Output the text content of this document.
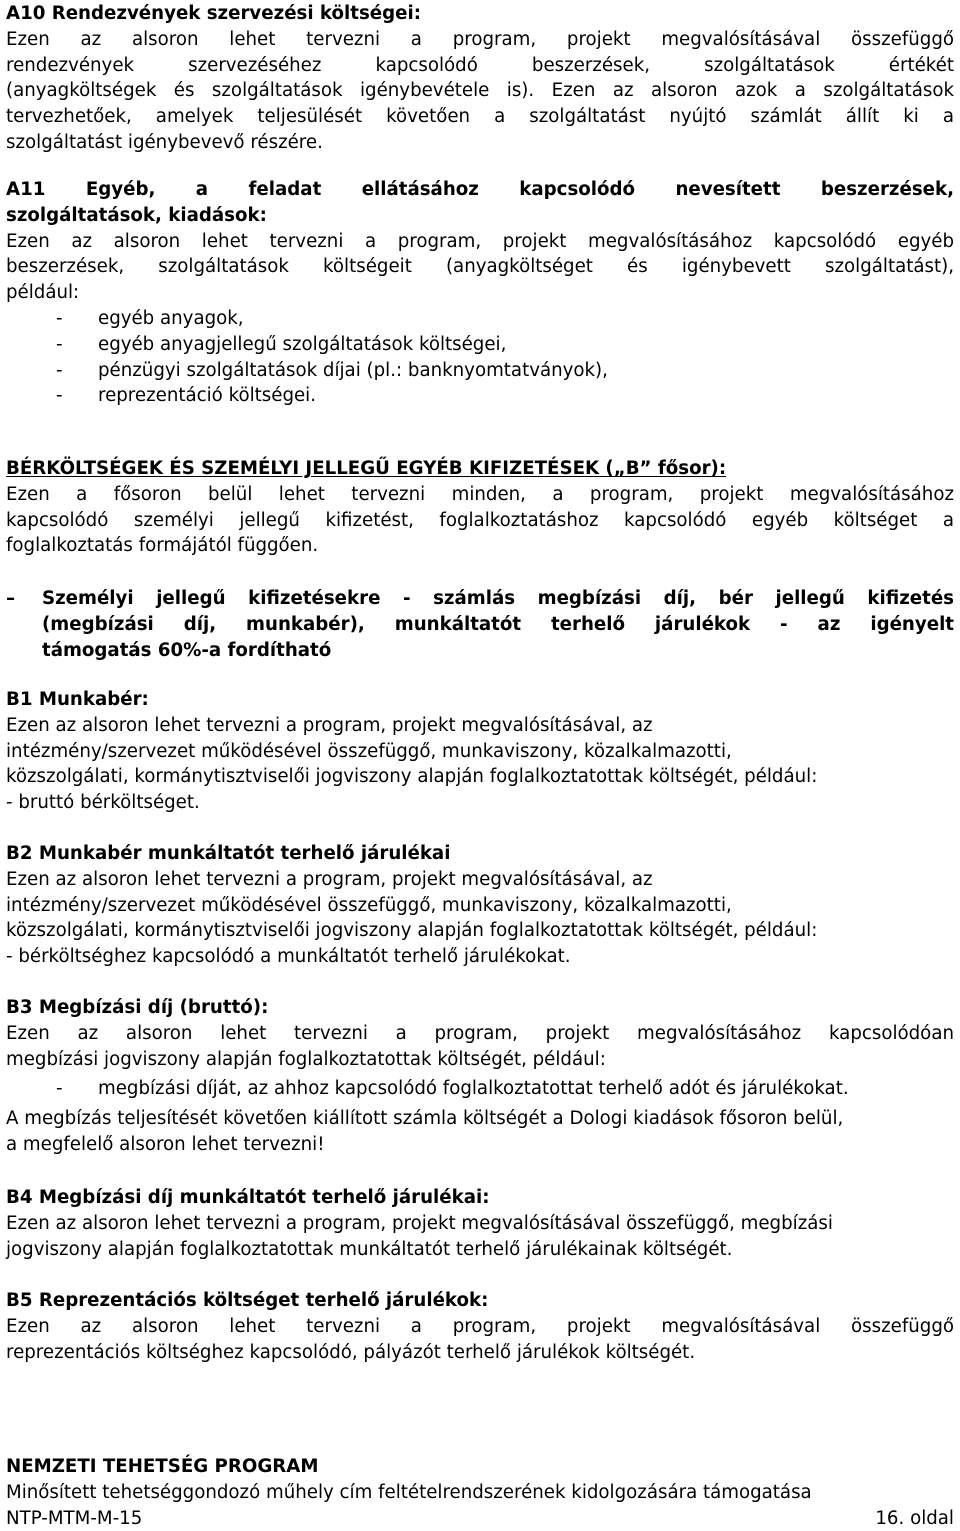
A10 Rendezvények szervezési költségei:
Ezen az alsoron lehet tervezni a program, projekt megvalósításával összefüggő
rendezvények szervezéséhez kapcsolódó beszerzések, szolgáltatások értékét
(anyagköltségek és szolgáltatások igénybevétele is). Ezen az alsoron azok a szolgáltatások
tervezhetőek, amelyek teljesülését követően a szolgáltatást nyújtó számlát állít ki a
szolgáltatást igénybevevő részére.
A11 Egyéb, a feladat ellátásához kapcsolódó nevesített beszerzések,
szolgáltatások, kiadások:
Ezen az alsoron lehet tervezni a program, projekt megvalósításához kapcsolódó egyéb
beszerzések, szolgáltatások költségeit (anyagköltséget és igénybevett szolgáltatást),
például:
- egyéb anyagok,
- egyéb anyagjellegű szolgáltatások költségei,
- pénzügyi szolgáltatások díjai (pl.: banknyomtatványok),
- reprezentáció költségei.
BÉRKÖLTSÉGEK ÉS SZEMÉLYI JELLEGŰ EGYÉB KIFIZETÉSEK („B” fősor):
Ezen a fősoron belül lehet tervezni minden, a program, projekt megvalósításához
kapcsolódó személyi jellegű kifizetést, foglalkoztatáshoz kapcsolódó egyéb költséget a
foglalkoztatás formájától függően.
– Személyi jellegű kifizetésekre - számlás megbízási díj, bér jellegű kifizetés
(megbízási díj, munkabér), munkáltatót terhelő járulékok - az igényelt
támogatás 60%-a fordítható
B1 Munkabér:
Ezen az alsoron lehet tervezni a program, projekt megvalósításával, az
intézmény/szervezet működésével összefüggő, munkaviszony, közalkalmazotti,
közszolgálati, kormánytisztviselői jogviszony alapján foglalkoztatottak költségét, például:
- bruttó bérköltséget.
B2 Munkabér munkáltatót terhelő járulékai
Ezen az alsoron lehet tervezni a program, projekt megvalósításával, az
intézmény/szervezet működésével összefüggő, munkaviszony, közalkalmazotti,
közszolgálati, kormánytisztviselői jogviszony alapján foglalkoztatottak költségét, például:
- bérköltséghez kapcsolódó a munkáltatót terhelő járulékokat.
B3 Megbízási díj (bruttó):
Ezen az alsoron lehet tervezni a program, projekt megvalósításához kapcsolódóan
megbízási jogviszony alapján foglalkoztatottak költségét, például:
- megbízási díját, az ahhoz kapcsolódó foglalkoztatottat terhelő adót és járulékokat.
A megbízás teljesítését követően kiállított számla költségét a Dologi kiadások fősoron belül,
a megfelelő alsoron lehet tervezni!
B4 Megbízási díj munkáltatót terhelő járulékai:
Ezen az alsoron lehet tervezni a program, projekt megvalósításával összefüggő, megbízási
jogviszony alapján foglalkoztatottak munkáltatót terhelő járulékainak költségét.
B5 Reprezentációs költséget terhelő járulékok:
Ezen az alsoron lehet tervezni a program, projekt megvalósításával összefüggő
reprezentációs költséghez kapcsolódó, pályázót terhelő járulékok költségét.
NEMZETI TEHETSÉG PROGRAM
Minősített tehetséggondozó műhely cím feltételrendszerének kidolgozására támogatása
NTP-MTM-M-15	16. oldal
